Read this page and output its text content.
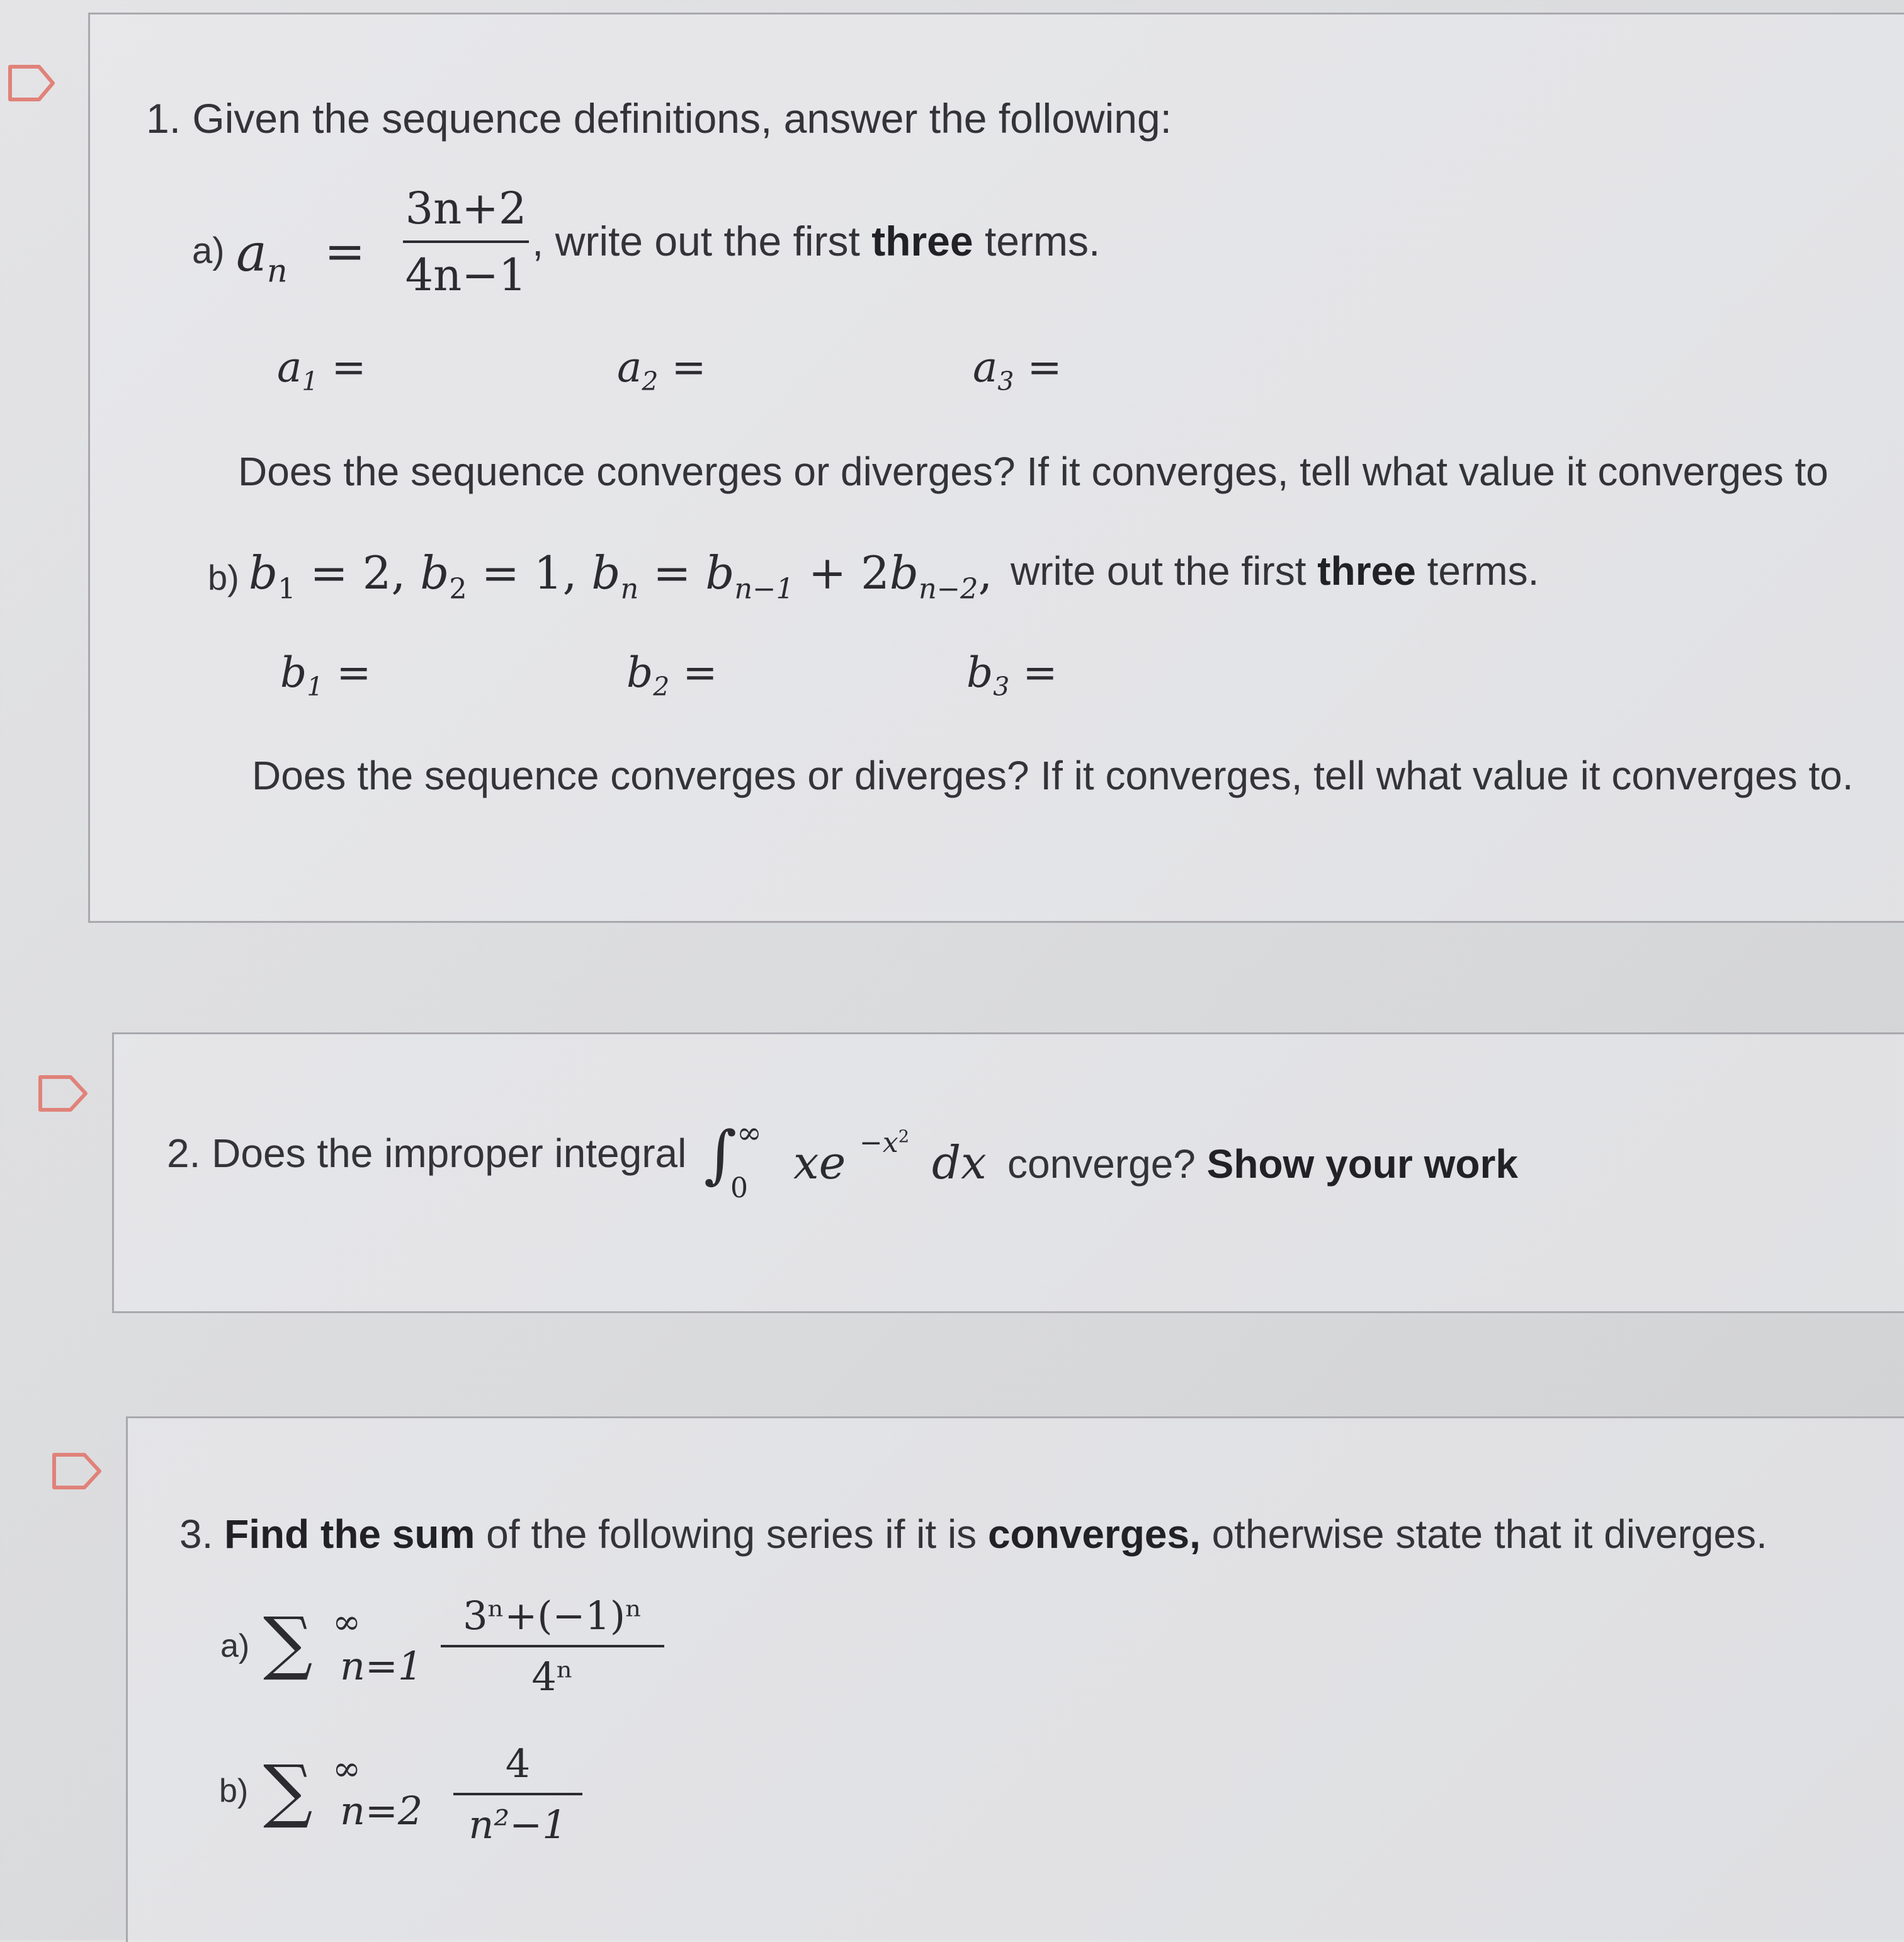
1. Given the sequence definitions, answer the following:
a) $a_n$ =
3n+2
4n−1
, write out the first three terms.
$a_1$ =	$a_2$ =	$a_3$ =
Does the sequence converges or diverges? If it converges, tell what value it converges to
b) $b_1 = 2$, $b_2 = 1$, $b_n = b_{n-1} + 2b_{n-2}$, write out the first three terms.
$b_1$ =	$b_2$ =	$b_3$ =
Does the sequence converges or diverges? If it converges, tell what value it converges to.
2. Does the improper integral ∫ ∞
0 xe $-x^2$ dx converge? Show your work
3. Find the sum of the following series if it is converges, otherwise state that it diverges.
a) ∑ ∞
n=1
3ⁿ+(−1)ⁿ
4ⁿ
b) ∑ ∞
n=2
4
n²−1
